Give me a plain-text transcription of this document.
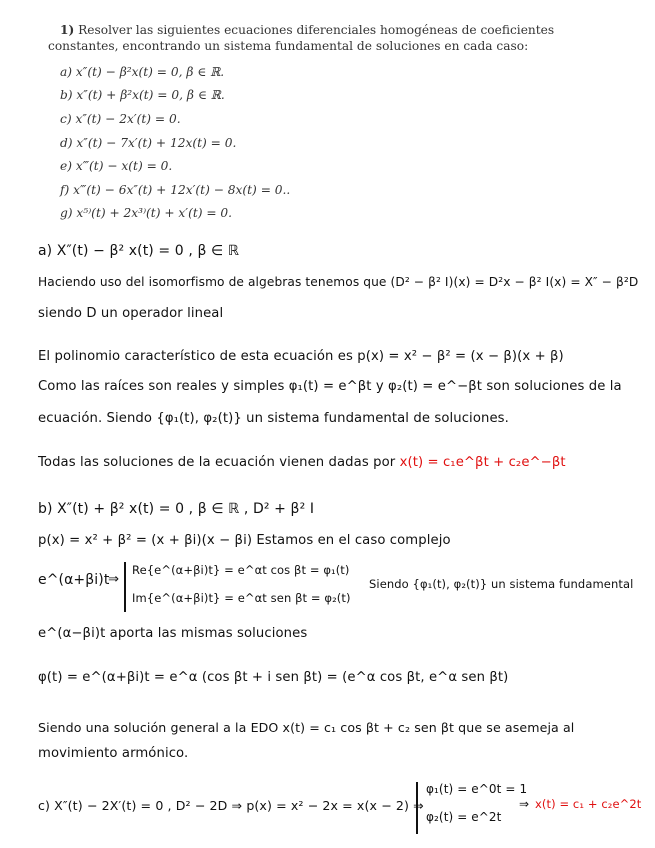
1) Resolver las siguientes ecuaciones diferenciales homogéneas de coeficientes constantes, encontrando un sistema fundamental de soluciones en cada caso:

a) x″(t) − β²x(t) = 0, β ∈ ℝ.
b) x″(t) + β²x(t) = 0, β ∈ ℝ.
c) x″(t) − 2x′(t) = 0.
d) x″(t) − 7x′(t) + 12x(t) = 0.
e) x‴(t) − x(t) = 0.
f) x‴(t) − 6x″(t) + 12x′(t) − 8x(t) = 0..
g) x⁵⁾(t) + 2x³⁾(t) + x′(t) = 0.
a) X″(t) − β² x(t) = 0 , β ∈ ℝ
Haciendo uso del isomorfismo de algebras tenemos que (D² − β² I)(x) = D²x − β² I(x) = X″ − β²D
siendo D un operador lineal
El polinomio característico de esta ecuación es p(x) = x² − β² = (x − β)(x + β)
Como las raíces son reales y simples φ₁(t) = e^βt y φ₂(t) = e^−βt son soluciones de la
ecuación. Siendo {φ₁(t), φ₂(t)} un sistema fundamental de soluciones.
Todas las soluciones de la ecuación vienen dadas por x(t) = c₁e^βt + c₂e^−βt
b) X″(t) + β² x(t) = 0 , β ∈ ℝ , D² + β² I
p(x) = x² + β² = (x + βi)(x − βi) Estamos en el caso complejo
e^(α+βi)t
⇒
Re{e^(α+βi)t} = e^αt cos βt = φ₁(t)
Im{e^(α+βi)t} = e^αt sen βt = φ₂(t)
Siendo {φ₁(t), φ₂(t)} un sistema fundamental
e^(α−βi)t aporta las mismas soluciones
φ(t) = e^(α+βi)t = e^α (cos βt + i sen βt) = (e^α cos βt, e^α sen βt)
Siendo una solución general a la EDO x(t) = c₁ cos βt + c₂ sen βt que se asemeja al
movimiento armónico.
c) X″(t) − 2X′(t) = 0 , D² − 2D ⇒ p(x) = x² − 2x = x(x − 2) ⇒
φ₁(t) = e^0t = 1
φ₂(t) = e^2t
⇒ x(t) = c₁ + c₂e^2t
